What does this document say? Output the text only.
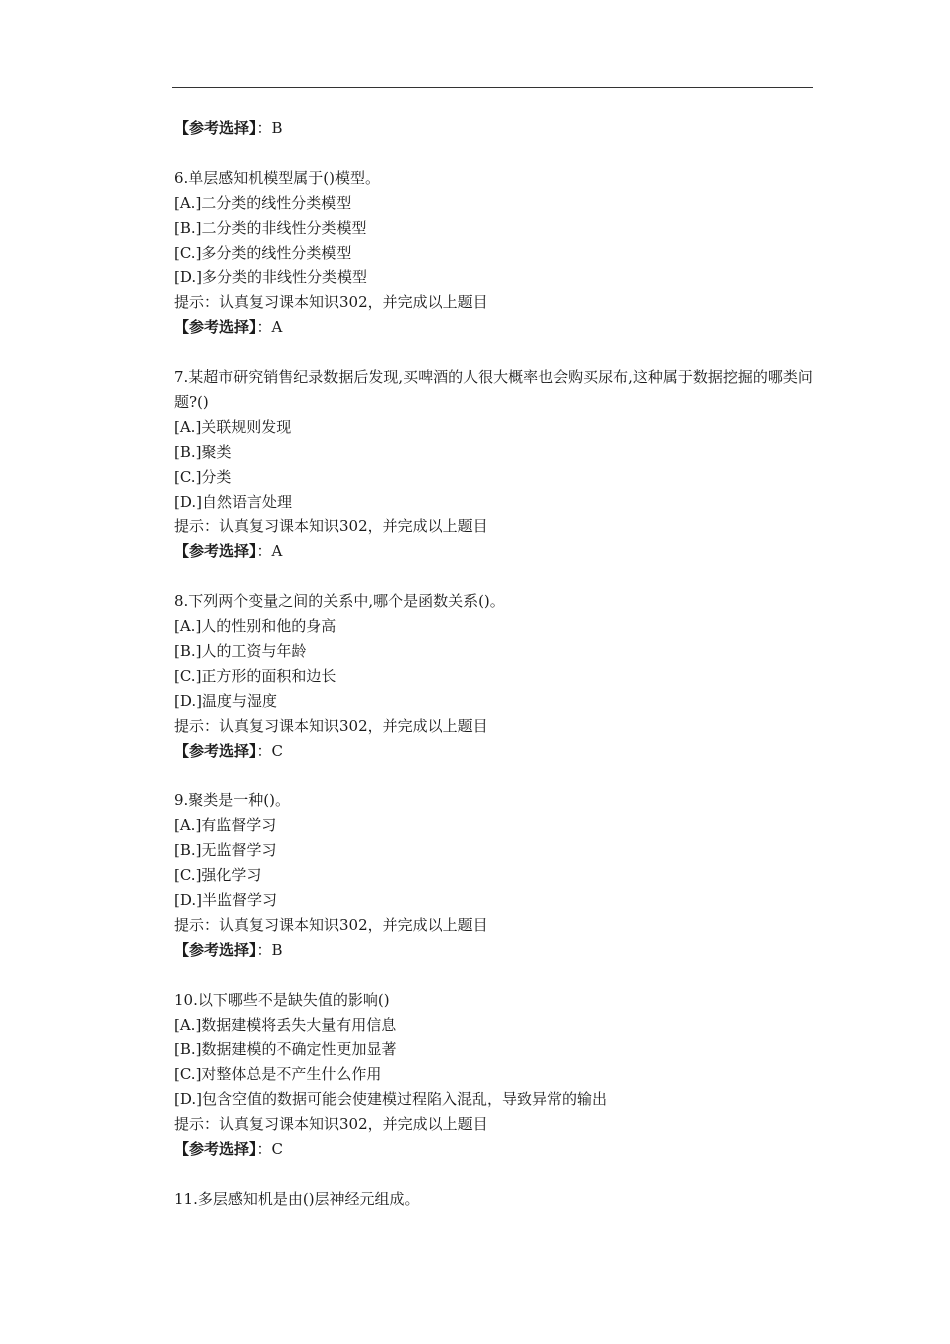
【参考选择】：B

6.单层感知机模型属于()模型。

[A.]二分类的线性分类模型

[B.]二分类的非线性分类模型

[C.]多分类的线性分类模型

[D.]多分类的非线性分类模型

提示：认真复习课本知识302，并完成以上题目

【参考选择】：A

7.某超市研究销售纪录数据后发现,买啤酒的人很大概率也会购买尿布,这种属于数据挖掘的哪类问题?()

[A.]关联规则发现

[B.]聚类

[C.]分类

[D.]自然语言处理

提示：认真复习课本知识302，并完成以上题目

【参考选择】：A

8.下列两个变量之间的关系中,哪个是函数关系()。

[A.]人的性别和他的身高

[B.]人的工资与年龄

[C.]正方形的面积和边长

[D.]温度与湿度

提示：认真复习课本知识302，并完成以上题目

【参考选择】：C

9.聚类是一种()。

[A.]有监督学习

[B.]无监督学习

[C.]强化学习

[D.]半监督学习

提示：认真复习课本知识302，并完成以上题目

【参考选择】：B

10.以下哪些不是缺失值的影响()

[A.]数据建模将丢失大量有用信息

[B.]数据建模的不确定性更加显著

[C.]对整体总是不产生什么作用

[D.]包含空值的数据可能会使建模过程陷入混乱，导致异常的输出

提示：认真复习课本知识302，并完成以上题目

【参考选择】：C

11.多层感知机是由()层神经元组成。
